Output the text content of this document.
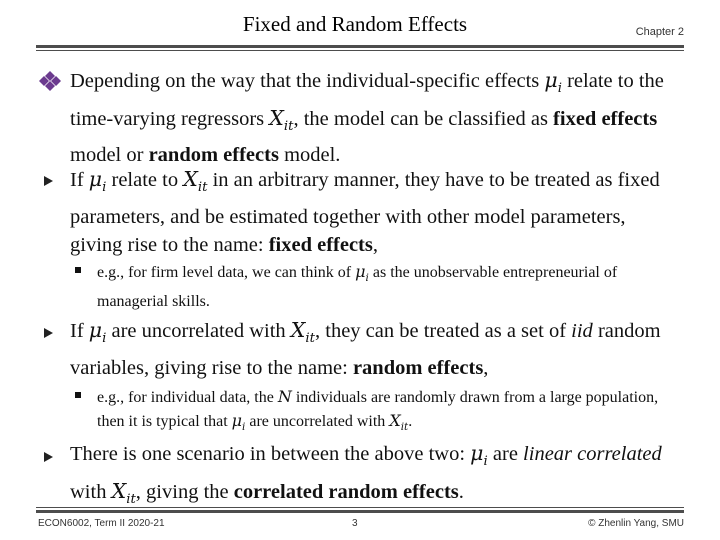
Fixed and Random Effects	Chapter 2
Depending on the way that the individual-specific effects $\mu_i$ relate to the time-varying regressors $X_{it}$, the model can be classified as fixed effects model or random effects model.
If $\mu_i$ relate to $X_{it}$ in an arbitrary manner, they have to be treated as fixed parameters, and be estimated together with other model parameters, giving rise to the name: fixed effects,
e.g., for firm level data, we can think of $\mu_i$ as the unobservable entrepreneurial of managerial skills.
If $\mu_i$ are uncorrelated with $X_{it}$, they can be treated as a set of iid random variables, giving rise to the name: random effects,
e.g., for individual data, the N individuals are randomly drawn from a large population, then it is typical that $\mu_i$ are uncorrelated with $X_{it}$.
There is one scenario in between the above two: $\mu_i$ are linear correlated with $X_{it}$, giving the correlated random effects.
ECON6002, Term II 2020-21	3	© Zhenlin Yang, SMU
